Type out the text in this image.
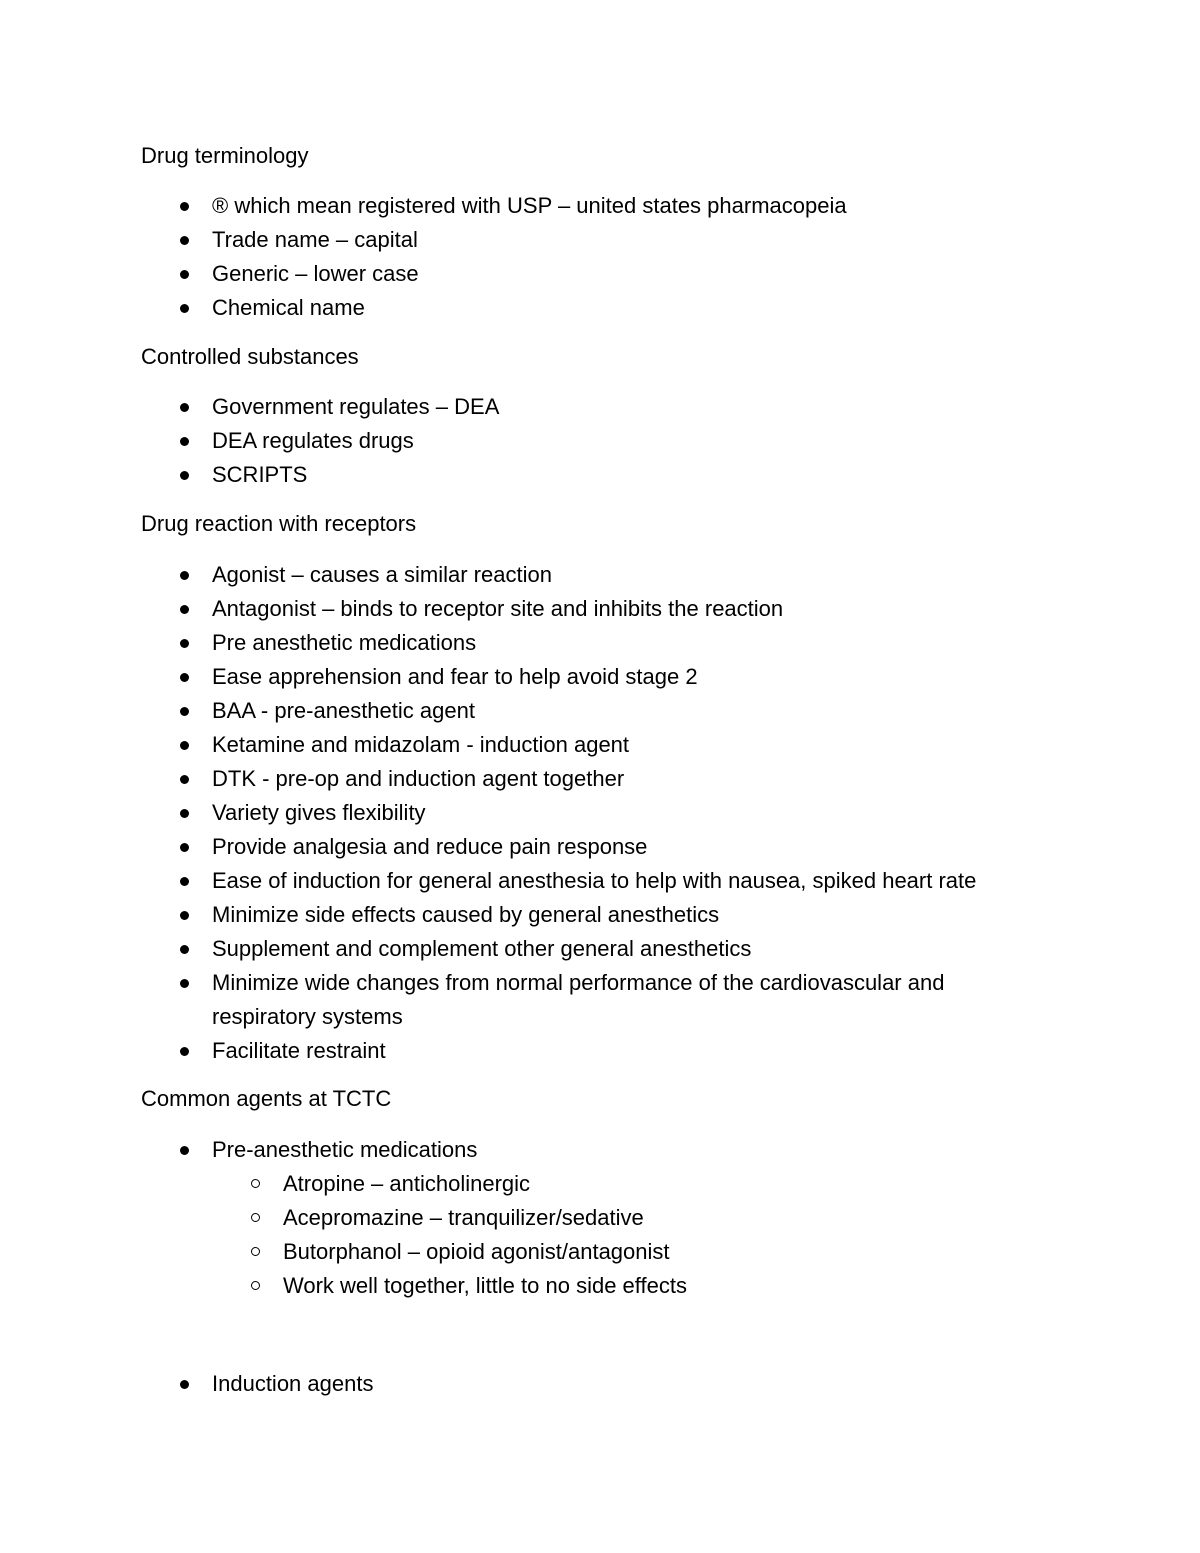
Drug terminology
® which mean registered with USP – united states pharmacopeia
Trade name – capital
Generic – lower case
Chemical name
Controlled substances
Government regulates – DEA
DEA regulates drugs
SCRIPTS
Drug reaction with receptors
Agonist – causes a similar reaction
Antagonist – binds to receptor site and inhibits the reaction
Pre anesthetic medications
Ease apprehension and fear to help avoid stage 2
BAA - pre-anesthetic agent
Ketamine and midazolam - induction agent
DTK - pre-op and induction agent together
Variety gives flexibility
Provide analgesia and reduce pain response
Ease of induction for general anesthesia to help with nausea, spiked heart rate
Minimize side effects caused by general anesthetics
Supplement and complement other general anesthetics
Minimize wide changes from normal performance of the cardiovascular and respiratory systems
Facilitate restraint
Common agents at TCTC
Pre-anesthetic medications
Atropine – anticholinergic
Acepromazine – tranquilizer/sedative
Butorphanol – opioid agonist/antagonist
Work well together, little to no side effects
Induction agents
